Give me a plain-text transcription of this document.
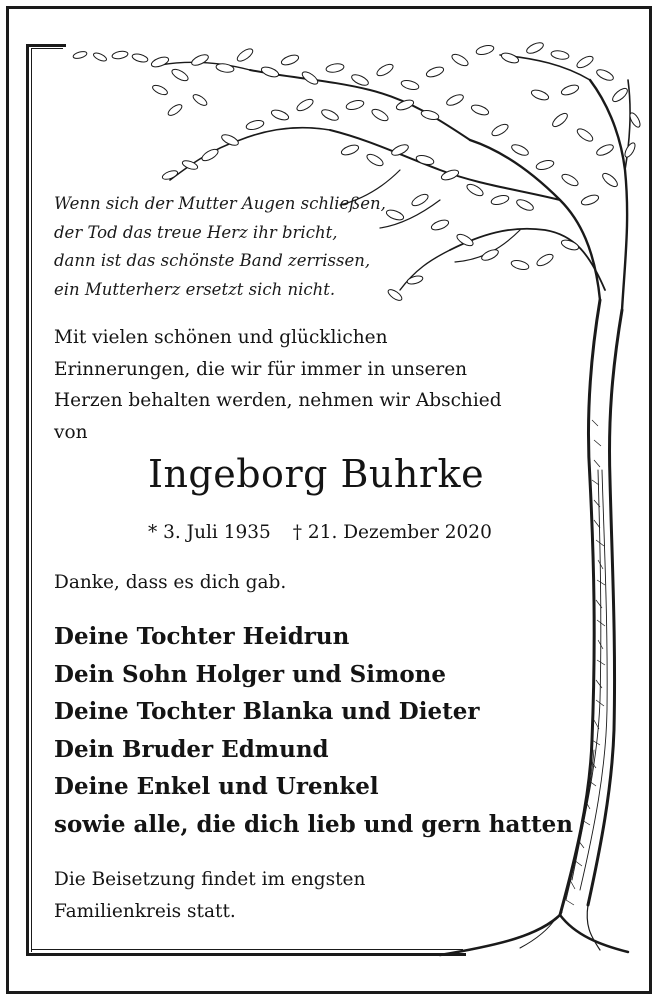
Wenn sich der Mutter Augen schließen,
der Tod das treue Herz ihr bricht,
dann ist das schönste Band zerrissen,
ein Mutterherz ersetzt sich nicht.
Mit vielen schönen und glücklichen
Erinnerungen, die wir für immer in unseren
Herzen behalten werden, nehmen wir Abschied
von
Ingeborg Buhrke
* 3. Juli 1935 † 21. Dezember 2020
Danke, dass es dich gab.
Deine Tochter Heidrun
Dein Sohn Holger und Simone
Deine Tochter Blanka und Dieter
Dein Bruder Edmund
Deine Enkel und Urenkel
sowie alle, die dich lieb und gern hatten
Die Beisetzung findet im engsten
Familienkreis statt.
